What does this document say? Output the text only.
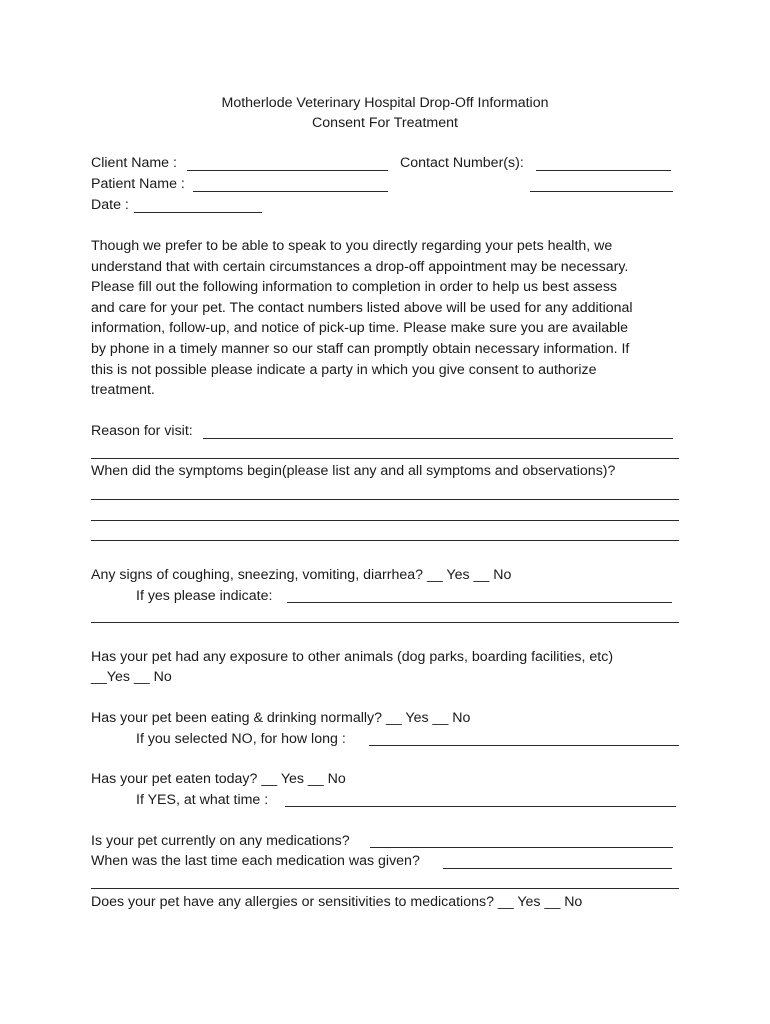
Motherlode Veterinary Hospital Drop-Off Information
Consent For Treatment
Client Name :	Contact Number(s):
Patient Name :
Date :
Though we prefer to be able to speak to you directly regarding your pets health, we
understand that with certain circumstances a drop-off appointment may be necessary.
Please fill out the following information to completion in order to help us best assess
and care for your pet. The contact numbers listed above will be used for any additional
information, follow-up, and notice of pick-up time. Please make sure you are available
by phone in a timely manner so our staff can promptly obtain necessary information. If
this is not possible please indicate a party in which you give consent to authorize
treatment.
Reason for visit:
When did the symptoms begin(please list any and all symptoms and observations)?
Any signs of coughing, sneezing, vomiting, diarrhea? __ Yes __ No
If yes please indicate:
Has your pet had any exposure to other animals (dog parks, boarding facilities, etc)
__Yes __ No
Has your pet been eating & drinking normally? __ Yes __ No
If you selected NO, for how long :
Has your pet eaten today? __ Yes __ No
If YES, at what time :
Is your pet currently on any medications?
When was the last time each medication was given?
Does your pet have any allergies or sensitivities to medications? __ Yes __ No
